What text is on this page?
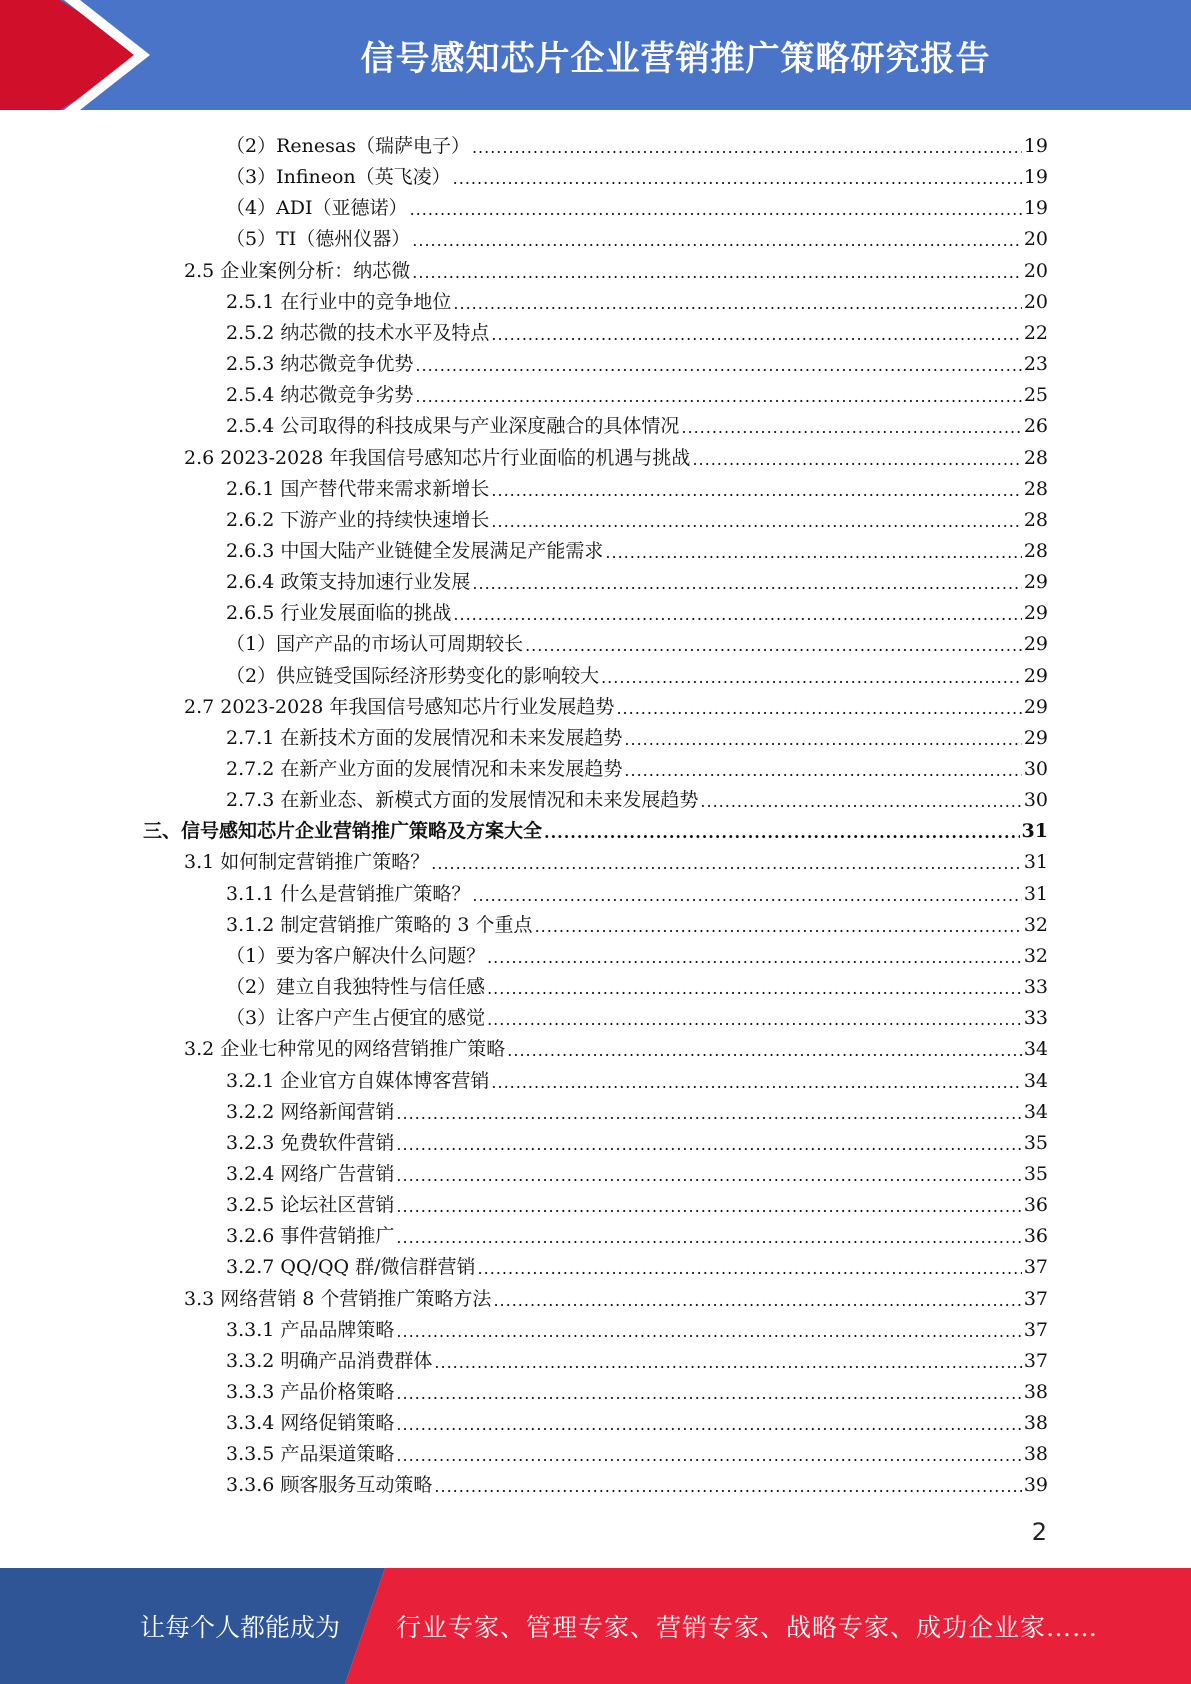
信号感知芯片企业营销推广策略研究报告
（2）Renesas（瑞萨电子） .....	19
（3）Infineon（英飞凌） .....	19
（4）ADI（亚德诺） .....	19
（5）TI（德州仪器） .....	20
2.5 企业案例分析：纳芯微 .....	20
2.5.1 在行业中的竞争地位 .....	20
2.5.2 纳芯微的技术水平及特点 .....	22
2.5.3 纳芯微竞争优势 .....	23
2.5.4 纳芯微竞争劣势 .....	25
2.5.4 公司取得的科技成果与产业深度融合的具体情况 .....	26
2.6 2023-2028 年我国信号感知芯片行业面临的机遇与挑战 .....	28
2.6.1 国产替代带来需求新增长 .....	28
2.6.2 下游产业的持续快速增长 .....	28
2.6.3 中国大陆产业链健全发展满足产能需求 .....	28
2.6.4 政策支持加速行业发展 .....	29
2.6.5 行业发展面临的挑战 .....	29
（1）国产产品的市场认可周期较长 .....	29
（2）供应链受国际经济形势变化的影响较大 .....	29
2.7 2023-2028 年我国信号感知芯片行业发展趋势 .....	29
2.7.1 在新技术方面的发展情况和未来发展趋势 .....	29
2.7.2 在新产业方面的发展情况和未来发展趋势 .....	30
2.7.3 在新业态、新模式方面的发展情况和未来发展趋势 .....	30
三、信号感知芯片企业营销推广策略及方案大全 .....	31
3.1 如何制定营销推广策略？ .....	31
3.1.1 什么是营销推广策略？ .....	31
3.1.2 制定营销推广策略的 3 个重点 .....	32
（1）要为客户解决什么问题？ .....	32
（2）建立自我独特性与信任感 .....	33
（3）让客户产生占便宜的感觉 .....	33
3.2 企业七种常见的网络营销推广策略 .....	34
3.2.1 企业官方自媒体博客营销 .....	34
3.2.2 网络新闻营销 .....	34
3.2.3 免费软件营销 .....	35
3.2.4 网络广告营销 .....	35
3.2.5 论坛社区营销 .....	36
3.2.6 事件营销推广 .....	36
3.2.7 QQ/QQ 群/微信群营销 .....	37
3.3 网络营销 8 个营销推广策略方法 .....	37
3.3.1 产品品牌策略 .....	37
3.3.2 明确产品消费群体 .....	37
3.3.3 产品价格策略 .....	38
3.3.4 网络促销策略 .....	38
3.3.5 产品渠道策略 .....	38
3.3.6 顾客服务互动策略 .....	39
2
让每个人都能成为 行业专家、管理专家、营销专家、战略专家、成功企业家……
